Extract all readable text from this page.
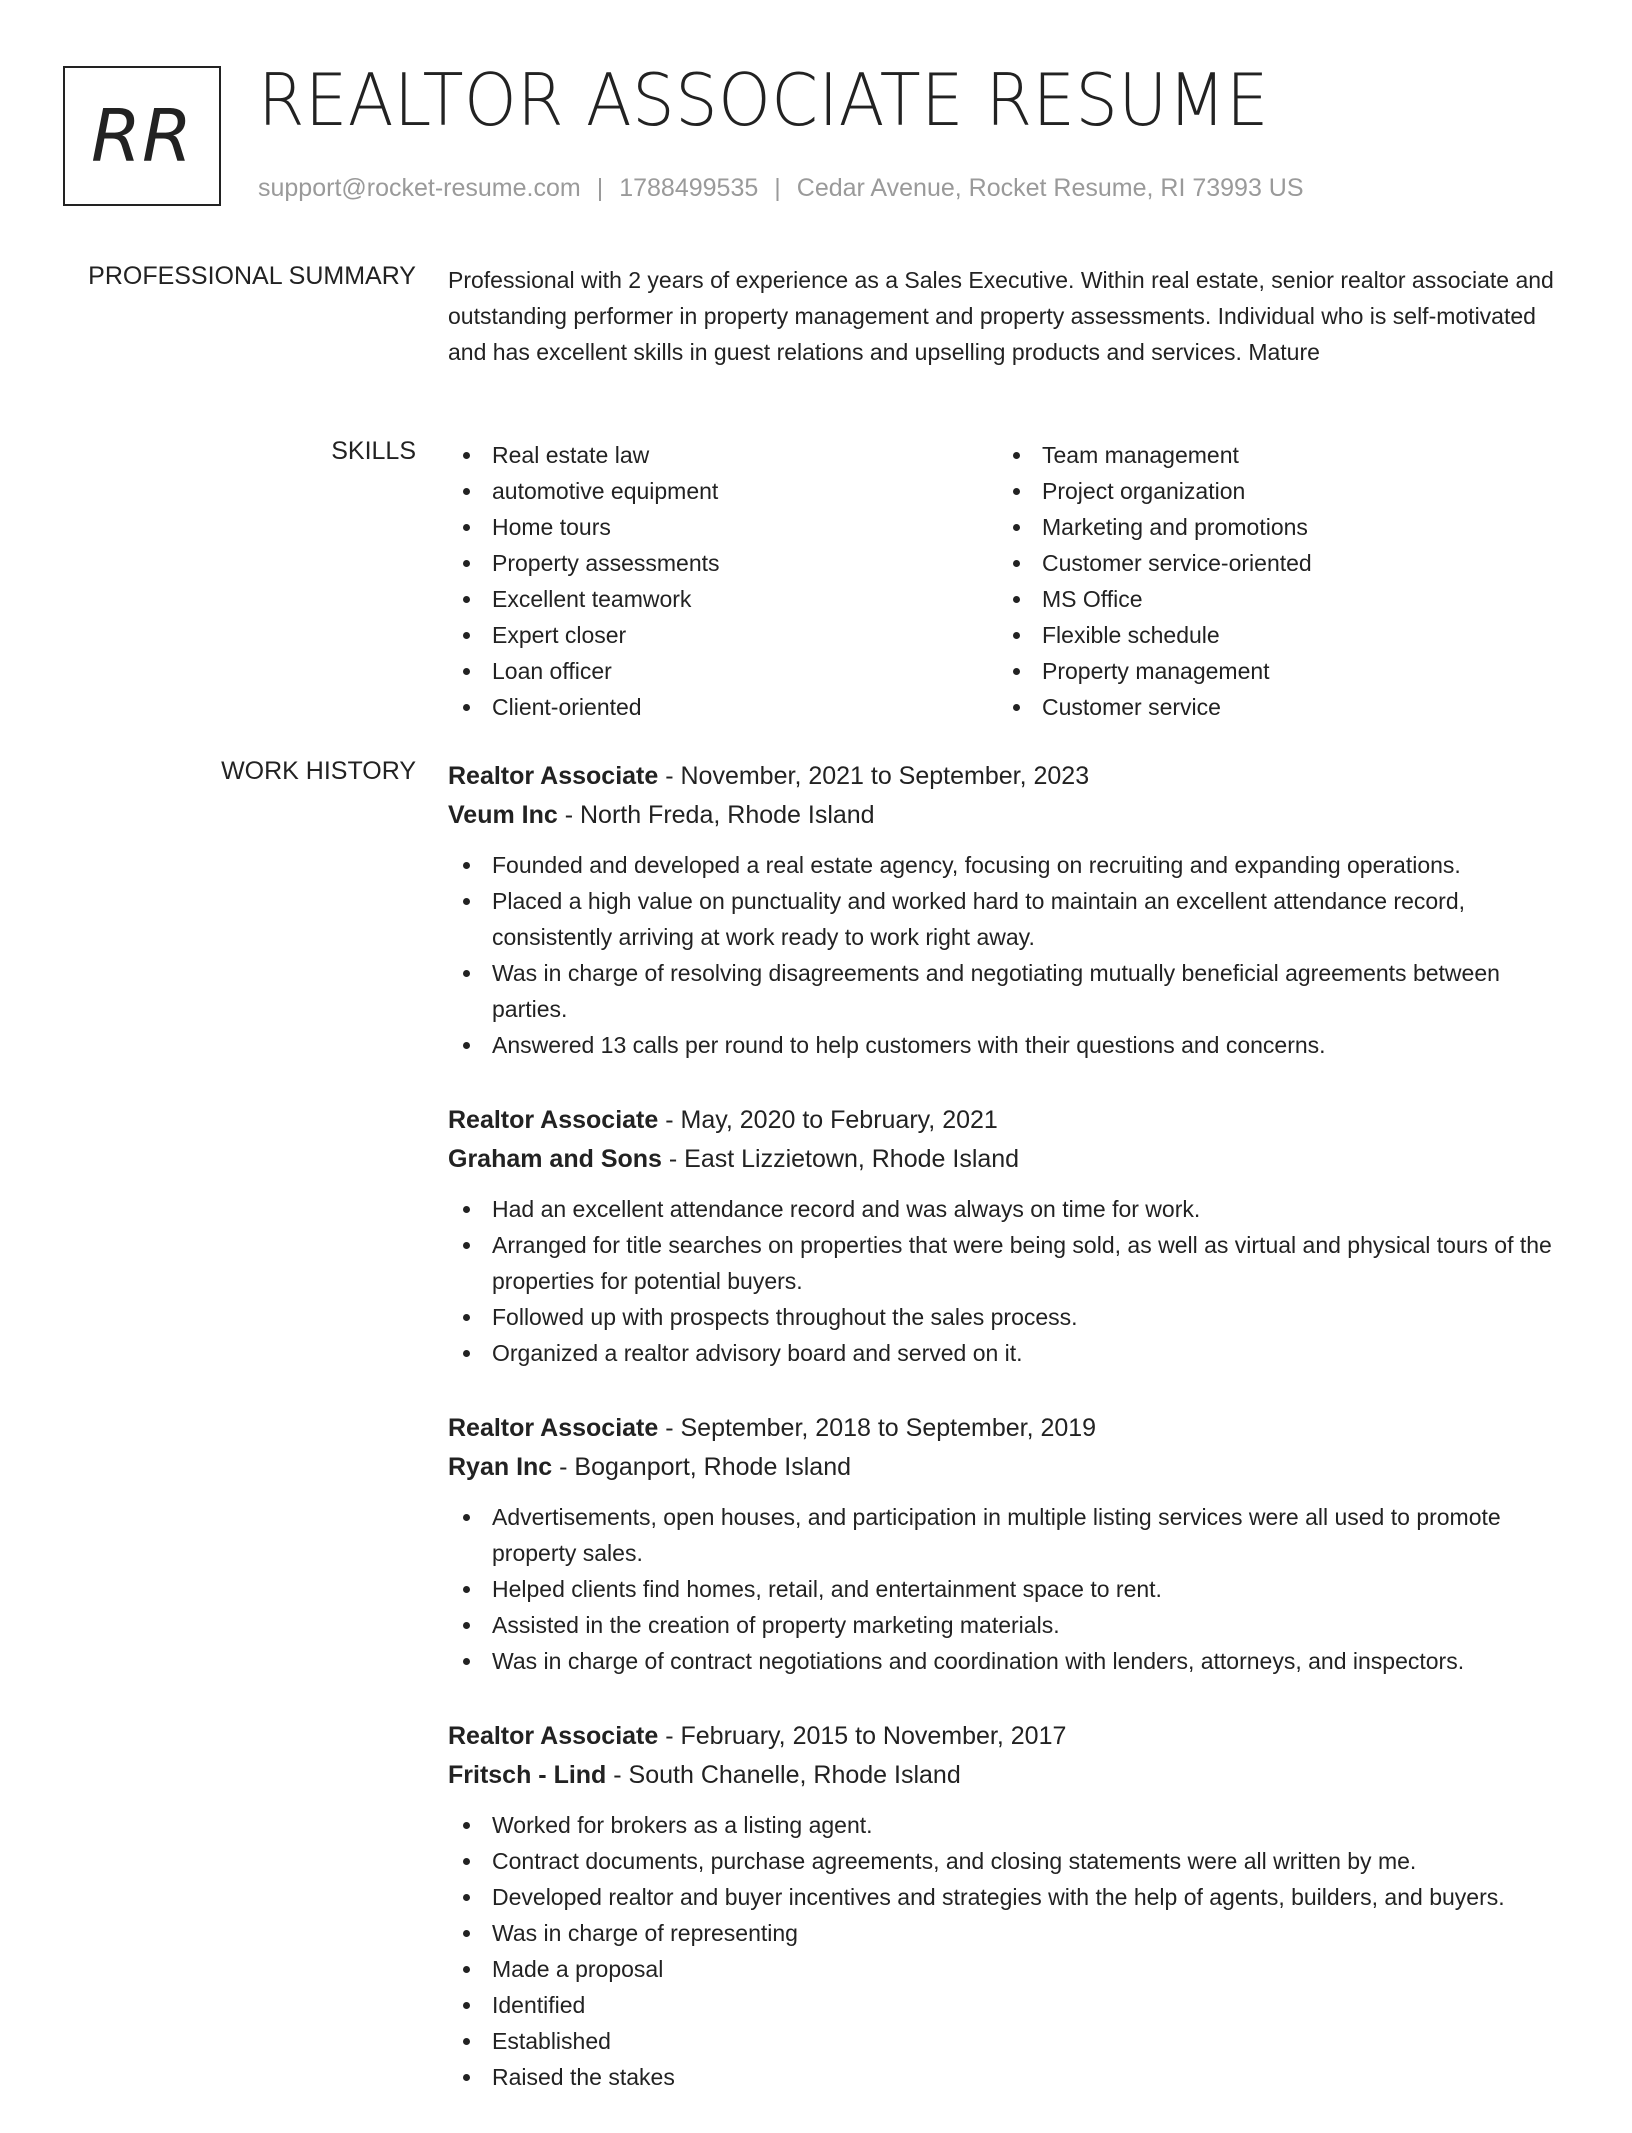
RR REALTOR ASSOCIATE RESUME
support@rocket-resume.com | 1788499535 | Cedar Avenue, Rocket Resume, RI 73993 US
PROFESSIONAL SUMMARY Professional with 2 years of experience as a Sales Executive. Within real estate, senior realtor associate and outstanding performer in property management and property assessments. Individual who is self-motivated and has excellent skills in guest relations and upselling products and services. Mature

SKILLS	Real estate law
automotive equipment
Home tours
Property assessments
Excellent teamwork
Expert closer
Loan officer
Client-oriented
Team management
Project organization
Marketing and promotions
Customer service-oriented
MS Office
Flexible schedule
Property management
Customer service
WORK HISTORY Realtor Associate - November, 2021 to September, 2023
Veum Inc - North Freda, Rhode Island
Founded and developed a real estate agency, focusing on recruiting and expanding operations.
Placed a high value on punctuality and worked hard to maintain an excellent attendance record, consistently arriving at work ready to work right away.
Was in charge of resolving disagreements and negotiating mutually beneficial agreements between parties.
Answered 13 calls per round to help customers with their questions and concerns.
Realtor Associate - May, 2020 to February, 2021
Graham and Sons - East Lizzietown, Rhode Island
Had an excellent attendance record and was always on time for work.
Arranged for title searches on properties that were being sold, as well as virtual and physical tours of the properties for potential buyers.
Followed up with prospects throughout the sales process.
Organized a realtor advisory board and served on it.
Realtor Associate - September, 2018 to September, 2019
Ryan Inc - Boganport, Rhode Island
Advertisements, open houses, and participation in multiple listing services were all used to promote property sales.
Helped clients find homes, retail, and entertainment space to rent.
Assisted in the creation of property marketing materials.
Was in charge of contract negotiations and coordination with lenders, attorneys, and inspectors.
Realtor Associate - February, 2015 to November, 2017
Fritsch - Lind - South Chanelle, Rhode Island
Worked for brokers as a listing agent.
Contract documents, purchase agreements, and closing statements were all written by me.
Developed realtor and buyer incentives and strategies with the help of agents, builders, and buyers.
Was in charge of representing
Made a proposal
Identified
Established
Raised the stakes
